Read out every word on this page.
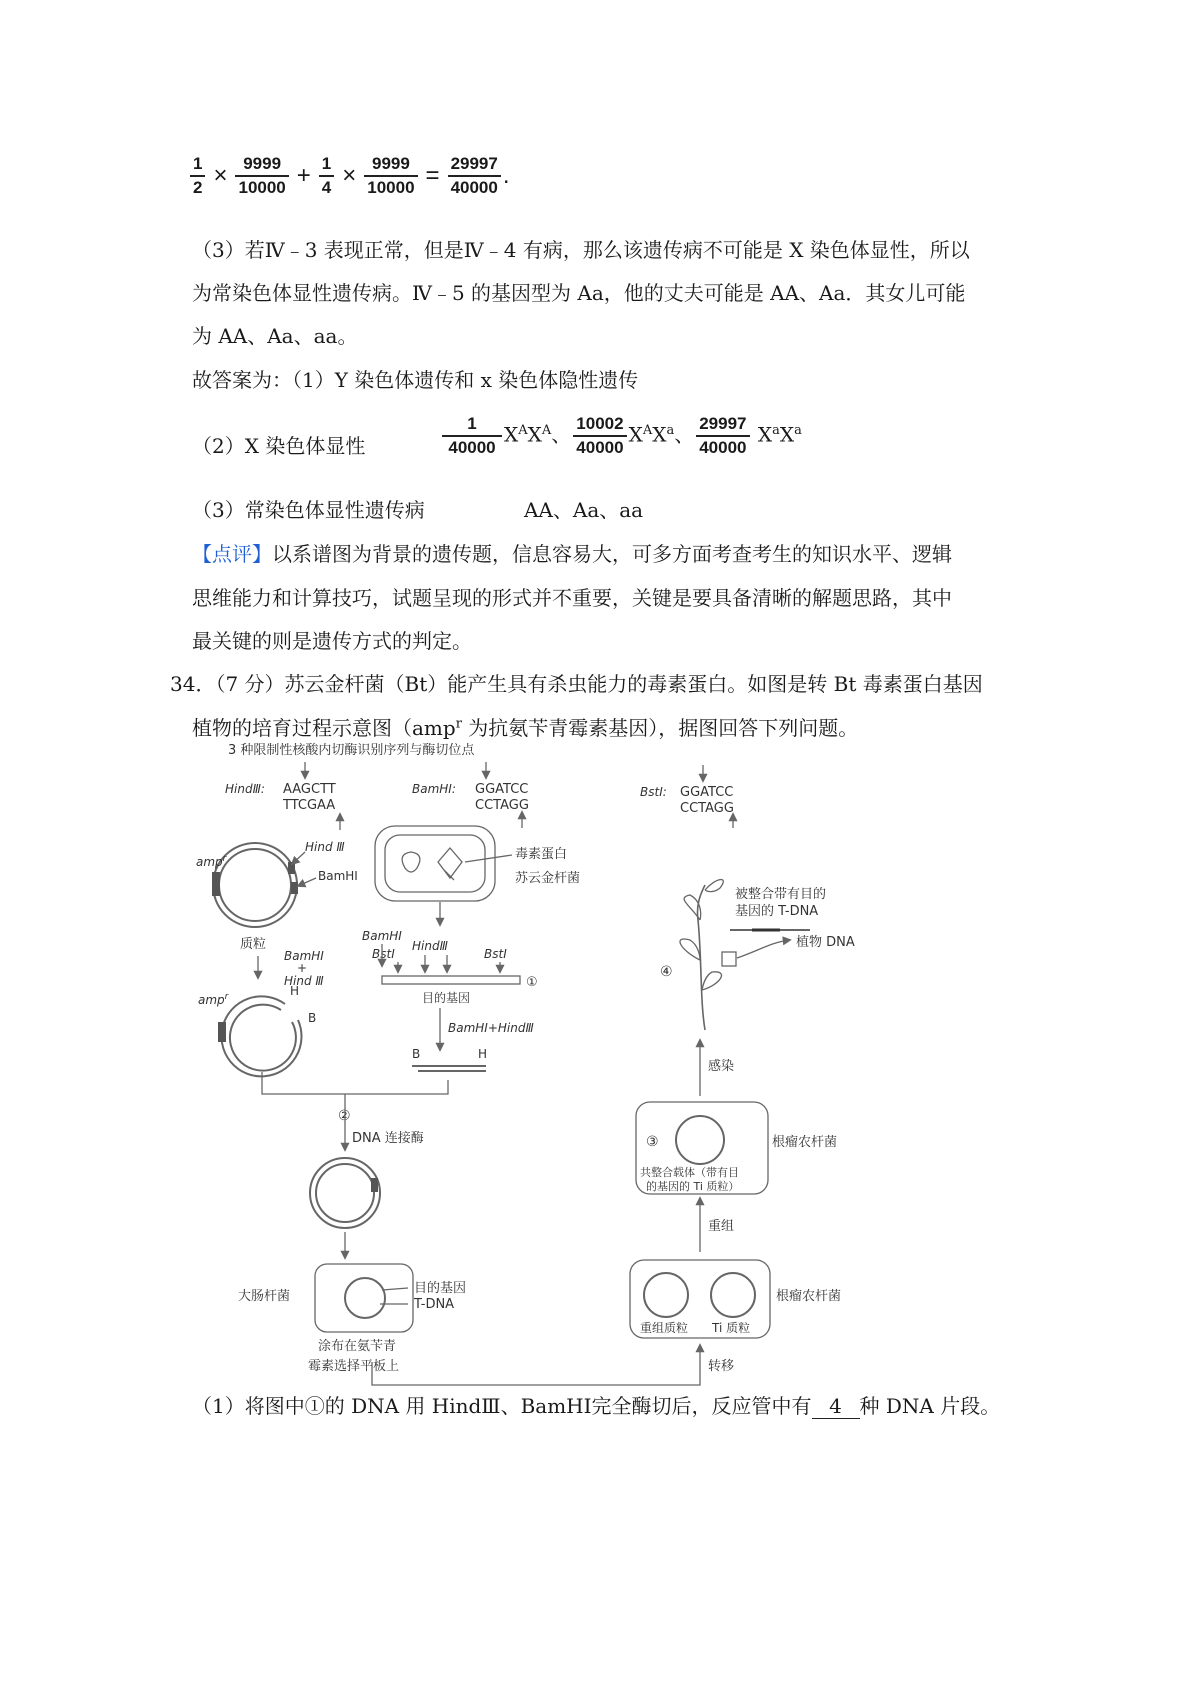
$\frac{1}{2} \times \frac{9999}{10000} + \frac{1}{4} \times \frac{9999}{10000} = \frac{29997}{40000}$ .
（3）若Ⅳ﹣3 表现正常，但是Ⅳ﹣4 有病，那么该遗传病不可能是 X 染色体显性，所以
为常染色体显性遗传病。Ⅳ﹣5 的基因型为 Aa，他的丈夫可能是 AA、Aa．其女儿可能
为 AA、Aa、aa。
故答案为：（1）Y 染色体遗传和 x 染色体隐性遗传
（2）X 染色体显性	$\frac{1}{40000} X^AX^A$、 $\frac{10002}{40000} X^AX^a$、 $\frac{29997}{40000} X^aX^a$
（3）常染色体显性遗传病	AA、Aa、aa
【点评】以系谱图为背景的遗传题，信息容易大，可多方面考查考生的知识水平、逻辑
思维能力和计算技巧，试题呈现的形式并不重要，关键是要具备清晰的解题思路，其中
最关键的则是遗传方式的判定。
34．（7 分）苏云金杆菌（Bt）能产生具有杀虫能力的毒素蛋白。如图是转 Bt 毒素蛋白基因
植物的培育过程示意图（amp$^r$ 为抗氨苄青霉素基因），据图回答下列问题。
3 种限制性核酸内切酶识别序列与酶切位点
HindⅢ: AAGCTT
TTCGAA
BamHⅠ: GGATCC
CCTAGG
BstⅠ: GGATCC
CCTAGG
amp$^r$
Hind Ⅲ
BamHⅠ
质粒
BamHⅠ
+
Hind Ⅲ
amp$^r$	H
B
毒素蛋白
苏云金杆菌
BamHⅠ
BstⅠ
HindⅢ
BstⅠ
①
目的基因
BamHⅠ+HindⅢ
B	H
②
DNA 连接酶
大肠杆菌
目的基因
T-DNA
涂布在氨苄青
霉素选择平板上	转移
重组质粒 Ti 质粒
根瘤农杆菌
重组
③	根瘤农杆菌
共整合载体（带有目
的基因的 Ti 质粒）
感染
④
被整合带有目的
基因的 T-DNA
植物 DNA
（1）将图中①的 DNA 用 HindⅢ、BamHⅠ完全酶切后，反应管中有 4 种 DNA 片段。
